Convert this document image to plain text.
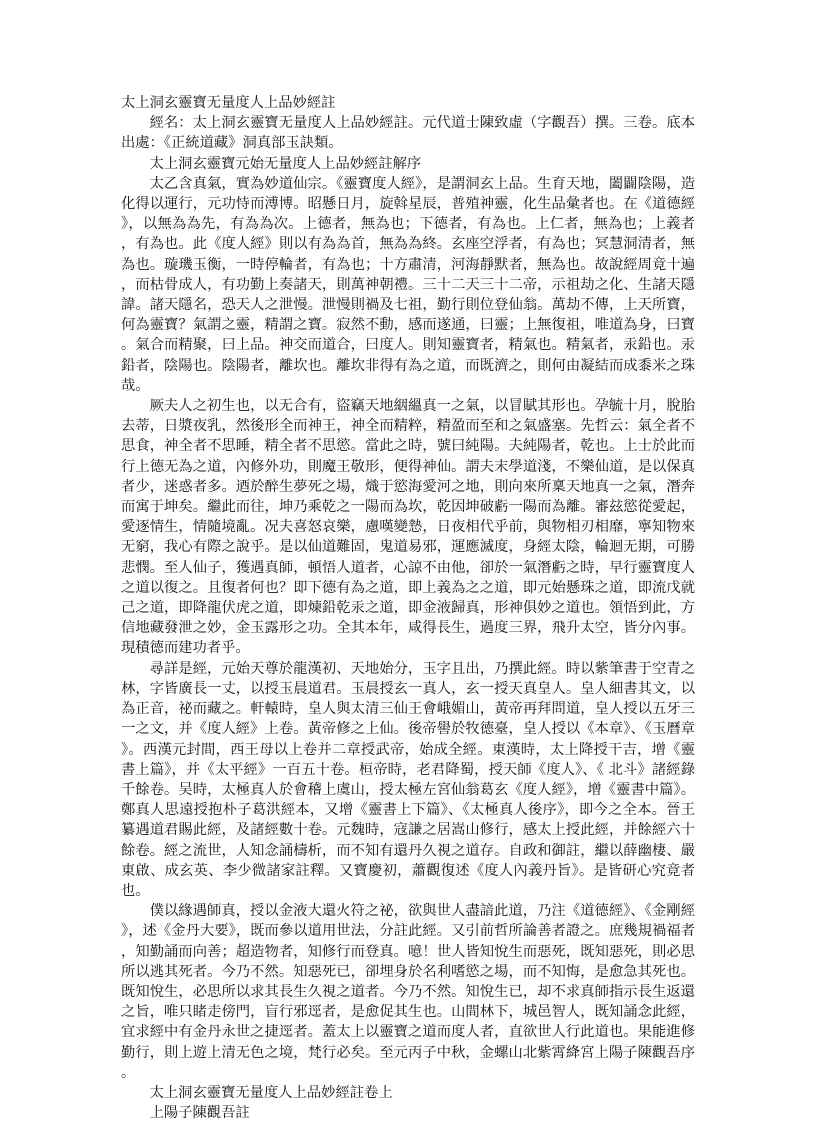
太上洞玄靈寶无量度人上品妙經註

經名：太上洞玄靈寶无量度人上品妙經註。元代道士陳致虛（字觀吾）撰。三卷。底本出處：《正統道藏》洞真部玉訣類。

太上洞玄靈寶元始无量度人上品妙經註解序

太乙含真氣，實為妙道仙宗。《靈寶度人經》，是謂洞玄上品。生育天地，闔闢陰陽，造化得以運行，元功恃而溥博。昭懸日月，旋斡星辰，普殖神靈，化生品彙者也。在《道德經》，以無為為先，有為為次。上德者，無為也；下德者，有為也。上仁者，無為也；上義者，有為也。此《度人經》則以有為為首，無為為終。玄座空浮者，有為也；冥慧洞清者，無為也。璇璣玉衡，一時停輪者，有為也；十方肅清，河海靜默者，無為也。故說經周竟十遍，而枯骨成人，有功勤上奏諸天，則萬神朝禮。三十二天三十二帝，示祖劫之化、生諸天隱諱。諸天隱名，恐天人之泄慢。泄慢則禍及七祖，勤行則位登仙翁。萬劫不傳，上天所寶，何為靈寶？氣謂之靈，精謂之寶。寂然不動，感而遂通，曰靈；上無復祖，唯道為身，曰寶。氣合而精聚，曰上品。神交而道合，曰度人。則知靈寶者，精氣也。精氣者，汞鉛也。汞鉛者，陰陽也。陰陽者，離坎也。離坎非得有為之道，而既濟之，則何由凝結而成黍米之珠哉。

厥夫人之初生也，以无合有，盜竊天地絪縕真一之氣，以冒賦其形也。孕毓十月，脫胎去蒂，日漿夜乳，然後形全而神王，神全而精粹，精盈而至和之氣盛塞。先哲云：氣全者不思食，神全者不思睡，精全者不思慾。當此之時，號曰純陽。夫純陽者，乾也。上士於此而行上德无為之道，內修外功，則魔王敬形，便得神仙。謂夫末學道淺，不樂仙道，是以保真者少，迷惑者多。迺於醉生夢死之場，熾于慾海愛河之地，則向來所稟天地真一之氣，潛奔而寓于坤矣。繼此而往，坤乃乘乾之一陽而為坎，乾因坤破虧一陽而為離。審玆慾從愛起，愛逐情生，情隨境亂。况夫喜怒哀樂，慮嘆變慹，日夜相代乎前，與物相刃相靡，寧知物來无窮，我心有際之說乎。是以仙道難固，鬼道易邪，運應滅度，身經太陰，輪迴无期，可勝悲憫。至人仙子，獲遇真師，頓悟人道者，心諒不由他，卻於一氣潛虧之時，早行靈寶度人之道以復之。且復者何也？即下德有為之道，即上義為之之道，即元始懸珠之道，即流戊就己之道，即降龍伏虎之道，即煉鉛乾汞之道，即金液歸真，形神俱妙之道也。領悟到此，方信地藏發泄之妙，金玉露形之功。全其本年，咸得長生，過度三界，飛升太空，皆分內事。現積德而建功者乎。

尋詳是經，元始天尊於龍漢初、天地始分，玉字且出，乃撰此經。時以紫筆書于空青之林，字皆廣長一丈，以授玉晨道君。玉晨授玄一真人，玄一授天真皇人。皇人細書其文，以為正音，祕而藏之。軒轅時，皇人與太清三仙王會峨媚山，黃帝再拜問道，皇人授以五牙三一之文，并《度人經》上卷。黃帝修之上仙。後帝嚳於牧德臺，皇人授以《本章》、《玉曆章》。西漢元封間，西王母以上卷并二章授武帝，始成全經。東漢時，太上降授干吉，增《靈書上篇》，并《太平經》一百五十卷。桓帝時，老君降蜀，授天師《度人》、《 北斗》諸經錄千餘卷。吴時，太極真人於會稽上虞山，授太極左宮仙翁葛玄《度人經》，增《靈書中篇》。鄭真人思遠授抱朴子葛洪經本，又增《靈書上下篇》、《太極真人後序》，即今之全本。晉王纂遇道君賜此經，及諸經數十卷。元魏時，寇謙之居嵩山修行，感太上授此經，并餘經六十餘卷。經之流世，人知念誦檮析，而不知有還丹久視之道存。自政和御註，繼以薛幽棲、嚴東啟、成玄英、李少微諸家註釋。又寶慶初，蕭觀復述《度人內義丹旨》。是皆研心究竟者也。

僕以緣遇師真，授以金液大還火符之祕，欲與世人盡諳此道，乃注《道德經》、《金剛經》，述《金丹大要》，既而參以道用世法，分註此經。又引前哲所論善者證之。庶幾規禍福者，知勤誦而向善；超造物者，知修行而登真。噫！世人皆知悅生而惡死，既知惡死，則必思所以逃其死者。今乃不然。知惡死已，卻埋身於名利嗜慾之場，而不知悔，是愈急其死也。既知悅生，必思所以求其長生久視之道者。今乃不然。知悅生已，却不求真師指示長生返還之旨，唯只睹走傍門，盲行邪逕者，是愈促其生也。山間林下，城邑智人，既知誦念此經，宜求經中有金丹永世之捷逕者。蓋太上以靈寶之道而度人者，直欲世人行此道也。果能進修勤行，則上遊上清无色之境，梵行必矣。至元丙子中秋，金螺山北紫霄絳宮上陽子陳觀吾序。

太上洞玄靈寶无量度人上品妙經註卷上

上陽子陳觀吾註
